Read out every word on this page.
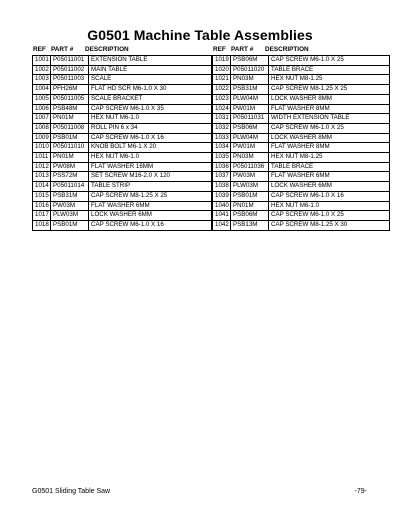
G0501 Machine Table Assemblies
REF PART # DESCRIPTION
1001	P05011001	EXTENSION TABLE
1002	P05011002	MAIN TABLE
1003	P05011003	SCALE
1004	PFH26M	FLAT HD SCR M6-1.0 X 30
1005	P05011005	SCALE BRACKET
1006	PSB48M	CAP SCREW M6-1.0 X 35
1007	PN01M	HEX NUT M6-1.0
1008	P05011008	ROLL PIN 6 x 34
1009	PSB01M	CAP SCREW M6-1.0 X 16
1010	P05011010	KNOB BOLT M6-1 X 20
1011	PN01M	HEX NUT M6-1.0
1012	PW08M	FLAT WASHER 16MM
1013	PSS72M	SET SCREW M16-2.0 X 120
1014	P05011014	TABLE STRIP
1015	PSB31M	CAP SCREW M8-1.25 X 25
1016	PW03M	FLAT WASHER 6MM
1017	PLW03M	LOCK WASHER 6MM
1018	PSB01M	CAP SCREW M6-1.0 X 16
REF PART # DESCRIPTION
1019	PSB06M	CAP SCREW M6-1.0 X 25
1020	P05011020	TABLE BRACE
1021	PN03M	HEX NUT M8-1.25
1022	PSB31M	CAP SCREW M8-1.25 X 25
1023	PLW04M	LOCK WASHER 8MM
1024	PW01M	FLAT WASHER 8MM
1031	P05011031	WIDTH EXTENSION TABLE
1032	PSB06M	CAP SCREW M6-1.0 X 25
1033	PLW04M	LOCK WASHER 8MM
1034	PW01M	FLAT WASHER 8MM
1035	PN03M	HEX NUT M8-1.25
1036	P05011036	TABLE BRACE
1037	PW03M	FLAT WASHER 6MM
1038	PLW03M	LOCK WASHER 6MM
1039	PSB01M	CAP SCREW M6-1.0 X 16
1040	PN01M	HEX NUT M6-1.0
1041	PSB06M	CAP SCREW M6-1.0 X 25
1042	PSB13M	CAP SCREW M8-1.25 X 30
G0501 Sliding Table Saw	-79-
